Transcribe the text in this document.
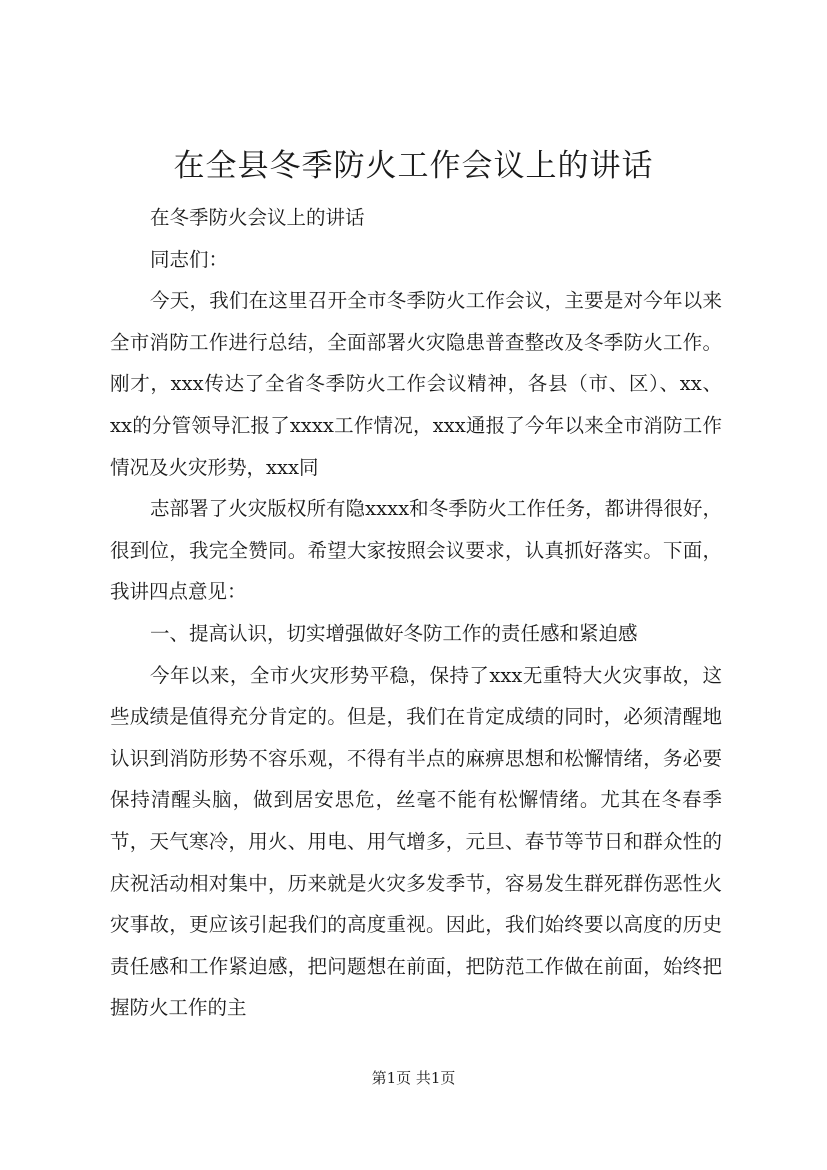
在全县冬季防火工作会议上的讲话

在冬季防火会议上的讲话

同志们：

今天，我们在这里召开全市冬季防火工作会议，主要是对今年以来全市消防工作进行总结，全面部署火灾隐患普查整改及冬季防火工作。刚才，xxx传达了全省冬季防火工作会议精神，各县（市、区）、xx、xx的分管领导汇报了xxxx工作情况，xxx通报了今年以来全市消防工作情况及火灾形势，xxx同

志部署了火灾版权所有隐xxxx和冬季防火工作任务，都讲得很好，很到位，我完全赞同。希望大家按照会议要求，认真抓好落实。下面，我讲四点意见：

一、提高认识，切实增强做好冬防工作的责任感和紧迫感

今年以来，全市火灾形势平稳，保持了xxx无重特大火灾事故，这些成绩是值得充分肯定的。但是，我们在肯定成绩的同时，必须清醒地认识到消防形势不容乐观，不得有半点的麻痹思想和松懈情绪，务必要保持清醒头脑，做到居安思危，丝毫不能有松懈情绪。尤其在冬春季节，天气寒冷，用火、用电、用气增多，元旦、春节等节日和群众性的庆祝活动相对集中，历来就是火灾多发季节，容易发生群死群伤恶性火灾事故，更应该引起我们的高度重视。因此，我们始终要以高度的历史责任感和工作紧迫感，把问题想在前面，把防范工作做在前面，始终把握防火工作的主

第1页 共1页
